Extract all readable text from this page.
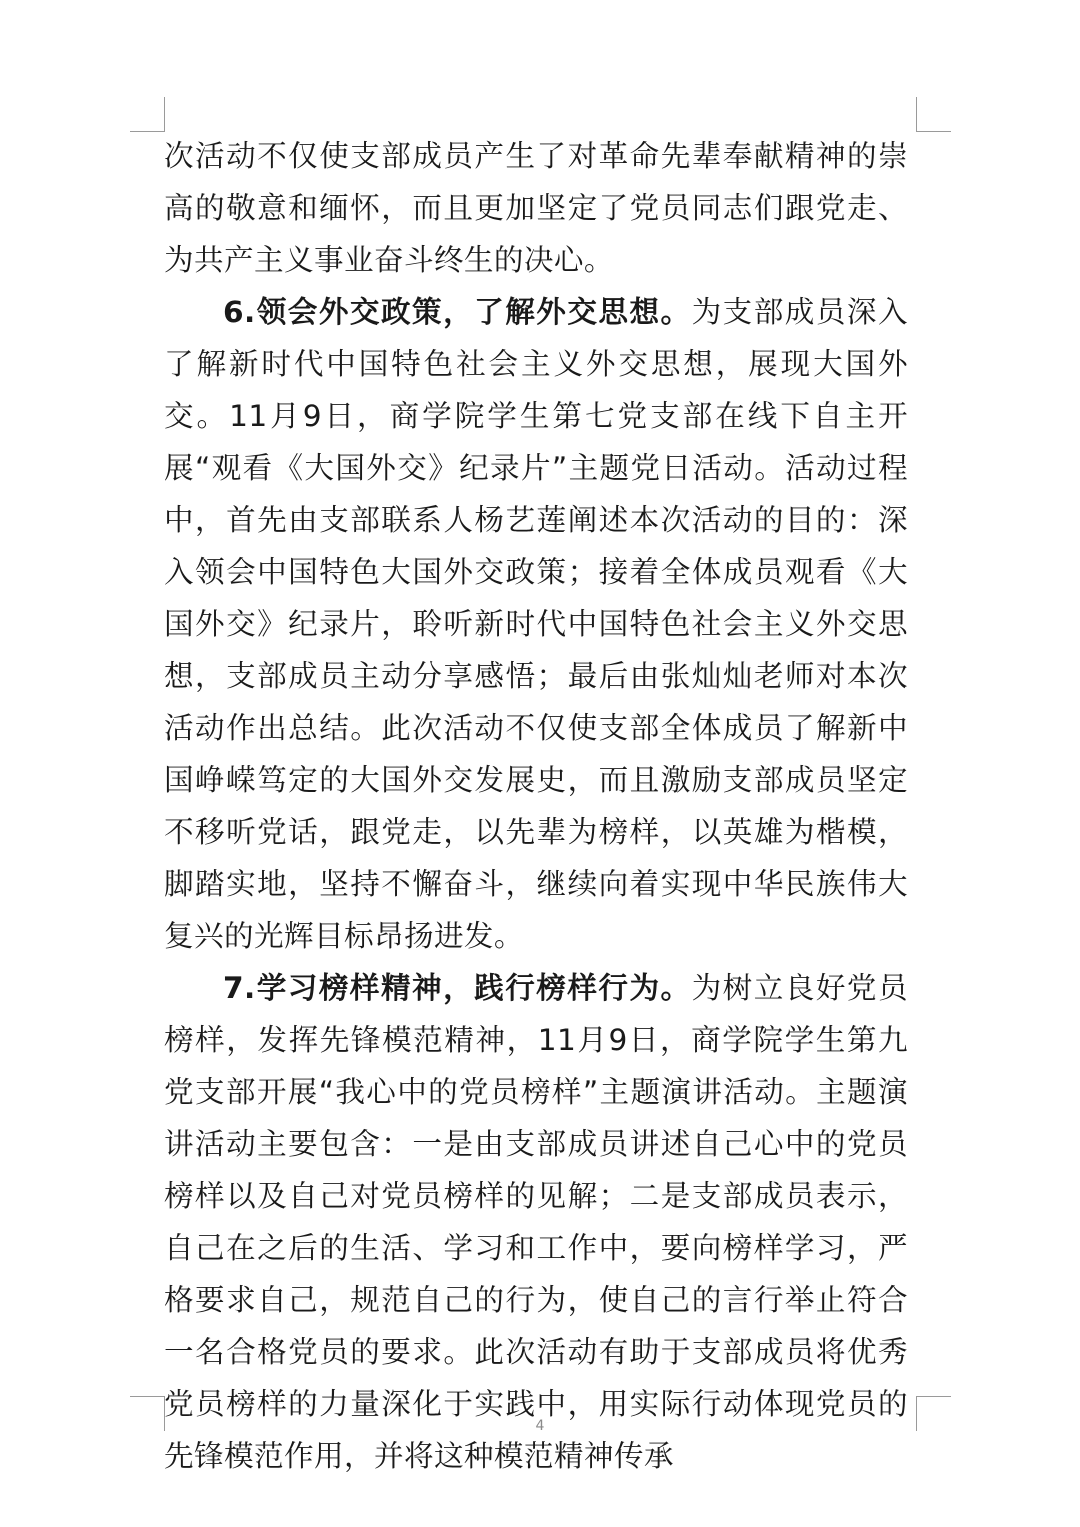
次活动不仅使支部成员产生了对革命先辈奉献精神的崇高的敬意和缅怀，而且更加坚定了党员同志们跟党走、为共产主义事业奋斗终生的决心。

6.领会外交政策，了解外交思想。为支部成员深入了解新时代中国特色社会主义外交思想，展现大国外交。11月9日，商学院学生第七党支部在线下自主开展“观看《大国外交》纪录片”主题党日活动。活动过程中，首先由支部联系人杨艺莲阐述本次活动的目的：深入领会中国特色大国外交政策；接着全体成员观看《大国外交》纪录片，聆听新时代中国特色社会主义外交思想，支部成员主动分享感悟；最后由张灿灿老师对本次活动作出总结。此次活动不仅使支部全体成员了解新中国峥嵘笃定的大国外交发展史，而且激励支部成员坚定不移听党话，跟党走，以先辈为榜样，以英雄为楷模，脚踏实地，坚持不懈奋斗，继续向着实现中华民族伟大复兴的光辉目标昂扬进发。

7.学习榜样精神，践行榜样行为。为树立良好党员榜样，发挥先锋模范精神，11月9日，商学院学生第九党支部开展“我心中的党员榜样”主题演讲活动。主题演讲活动主要包含：一是由支部成员讲述自己心中的党员榜样以及自己对党员榜样的见解；二是支部成员表示，自己在之后的生活、学习和工作中，要向榜样学习，严格要求自己，规范自己的行为，使自己的言行举止符合一名合格党员的要求。此次活动有助于支部成员将优秀党员榜样的力量深化于实践中，用实际行动体现党员的先锋模范作用，并将这种模范精神传承

4
